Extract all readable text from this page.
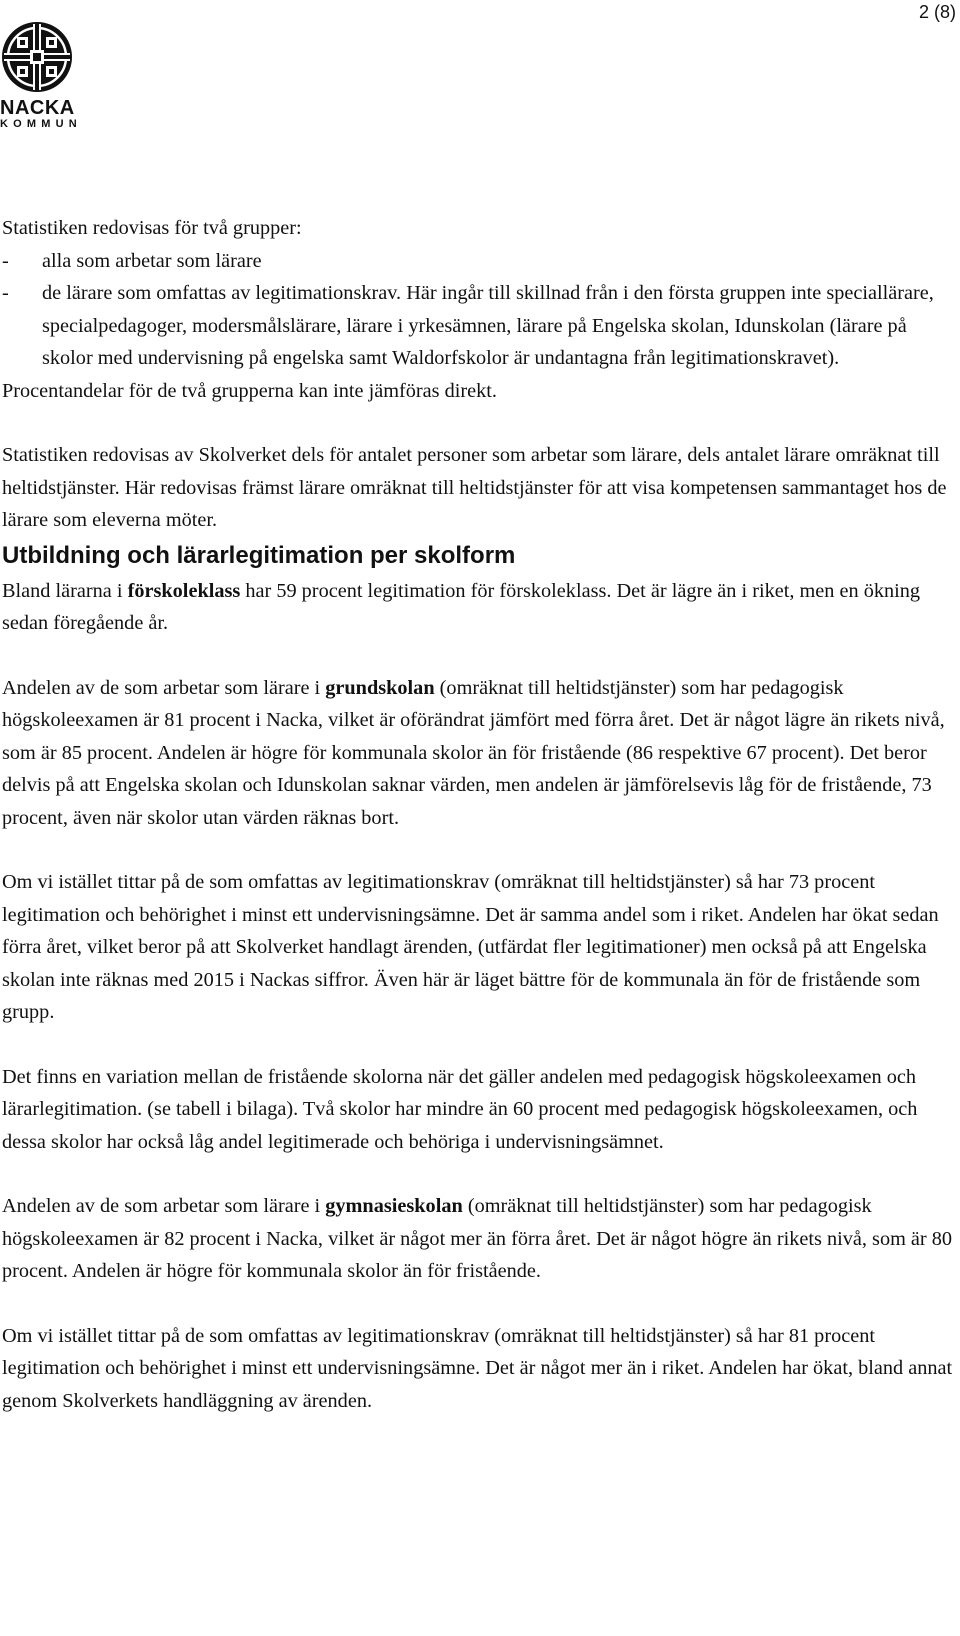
2 (8)
NACKA
KOMMUN

Statistiken redovisas för två grupper:

-	alla som arbetar som lärare
-	de lärare som omfattas av legitimationskrav. Här ingår till skillnad från i den första gruppen inte speciallärare, specialpedagoger, modersmålslärare, lärare i yrkesämnen, lärare på Engelska skolan, Idunskolan (lärare på skolor med undervisning på engelska samt Waldorfskolor är undantagna från legitimationskravet).

Procentandelar för de två grupperna kan inte jämföras direkt.

Statistiken redovisas av Skolverket dels för antalet personer som arbetar som lärare, dels antalet lärare omräknat till heltidstjänster. Här redovisas främst lärare omräknat till heltidstjänster för att visa kompetensen sammantaget hos de lärare som eleverna möter.

Utbildning och lärarlegitimation per skolform

Bland lärarna i förskoleklass har 59 procent legitimation för förskoleklass. Det är lägre än i riket, men en ökning sedan föregående år.

Andelen av de som arbetar som lärare i grundskolan (omräknat till heltidstjänster) som har pedagogisk högskoleexamen är 81 procent i Nacka, vilket är oförändrat jämfört med förra året. Det är något lägre än rikets nivå, som är 85 procent. Andelen är högre för kommunala skolor än för fristående (86 respektive 67 procent). Det beror delvis på att Engelska skolan och Idunskolan saknar värden, men andelen är jämförelsevis låg för de fristående, 73 procent, även när skolor utan värden räknas bort.

Om vi istället tittar på de som omfattas av legitimationskrav (omräknat till heltidstjänster) så har 73 procent legitimation och behörighet i minst ett undervisningsämne. Det är samma andel som i riket. Andelen har ökat sedan förra året, vilket beror på att Skolverket handlagt ärenden, (utfärdat fler legitimationer) men också på att Engelska skolan inte räknas med 2015 i Nackas siffror. Även här är läget bättre för de kommunala än för de fristående som grupp.

Det finns en variation mellan de fristående skolorna när det gäller andelen med pedagogisk högskoleexamen och lärarlegitimation. (se tabell i bilaga). Två skolor har mindre än 60 procent med pedagogisk högskoleexamen, och dessa skolor har också låg andel legitimerade och behöriga i undervisningsämnet.

Andelen av de som arbetar som lärare i gymnasieskolan (omräknat till heltidstjänster) som har pedagogisk högskoleexamen är 82 procent i Nacka, vilket är något mer än förra året. Det är något högre än rikets nivå, som är 80 procent. Andelen är högre för kommunala skolor än för fristående.

Om vi istället tittar på de som omfattas av legitimationskrav (omräknat till heltidstjänster) så har 81 procent legitimation och behörighet i minst ett undervisningsämne. Det är något mer än i riket. Andelen har ökat, bland annat genom Skolverkets handläggning av ärenden.
